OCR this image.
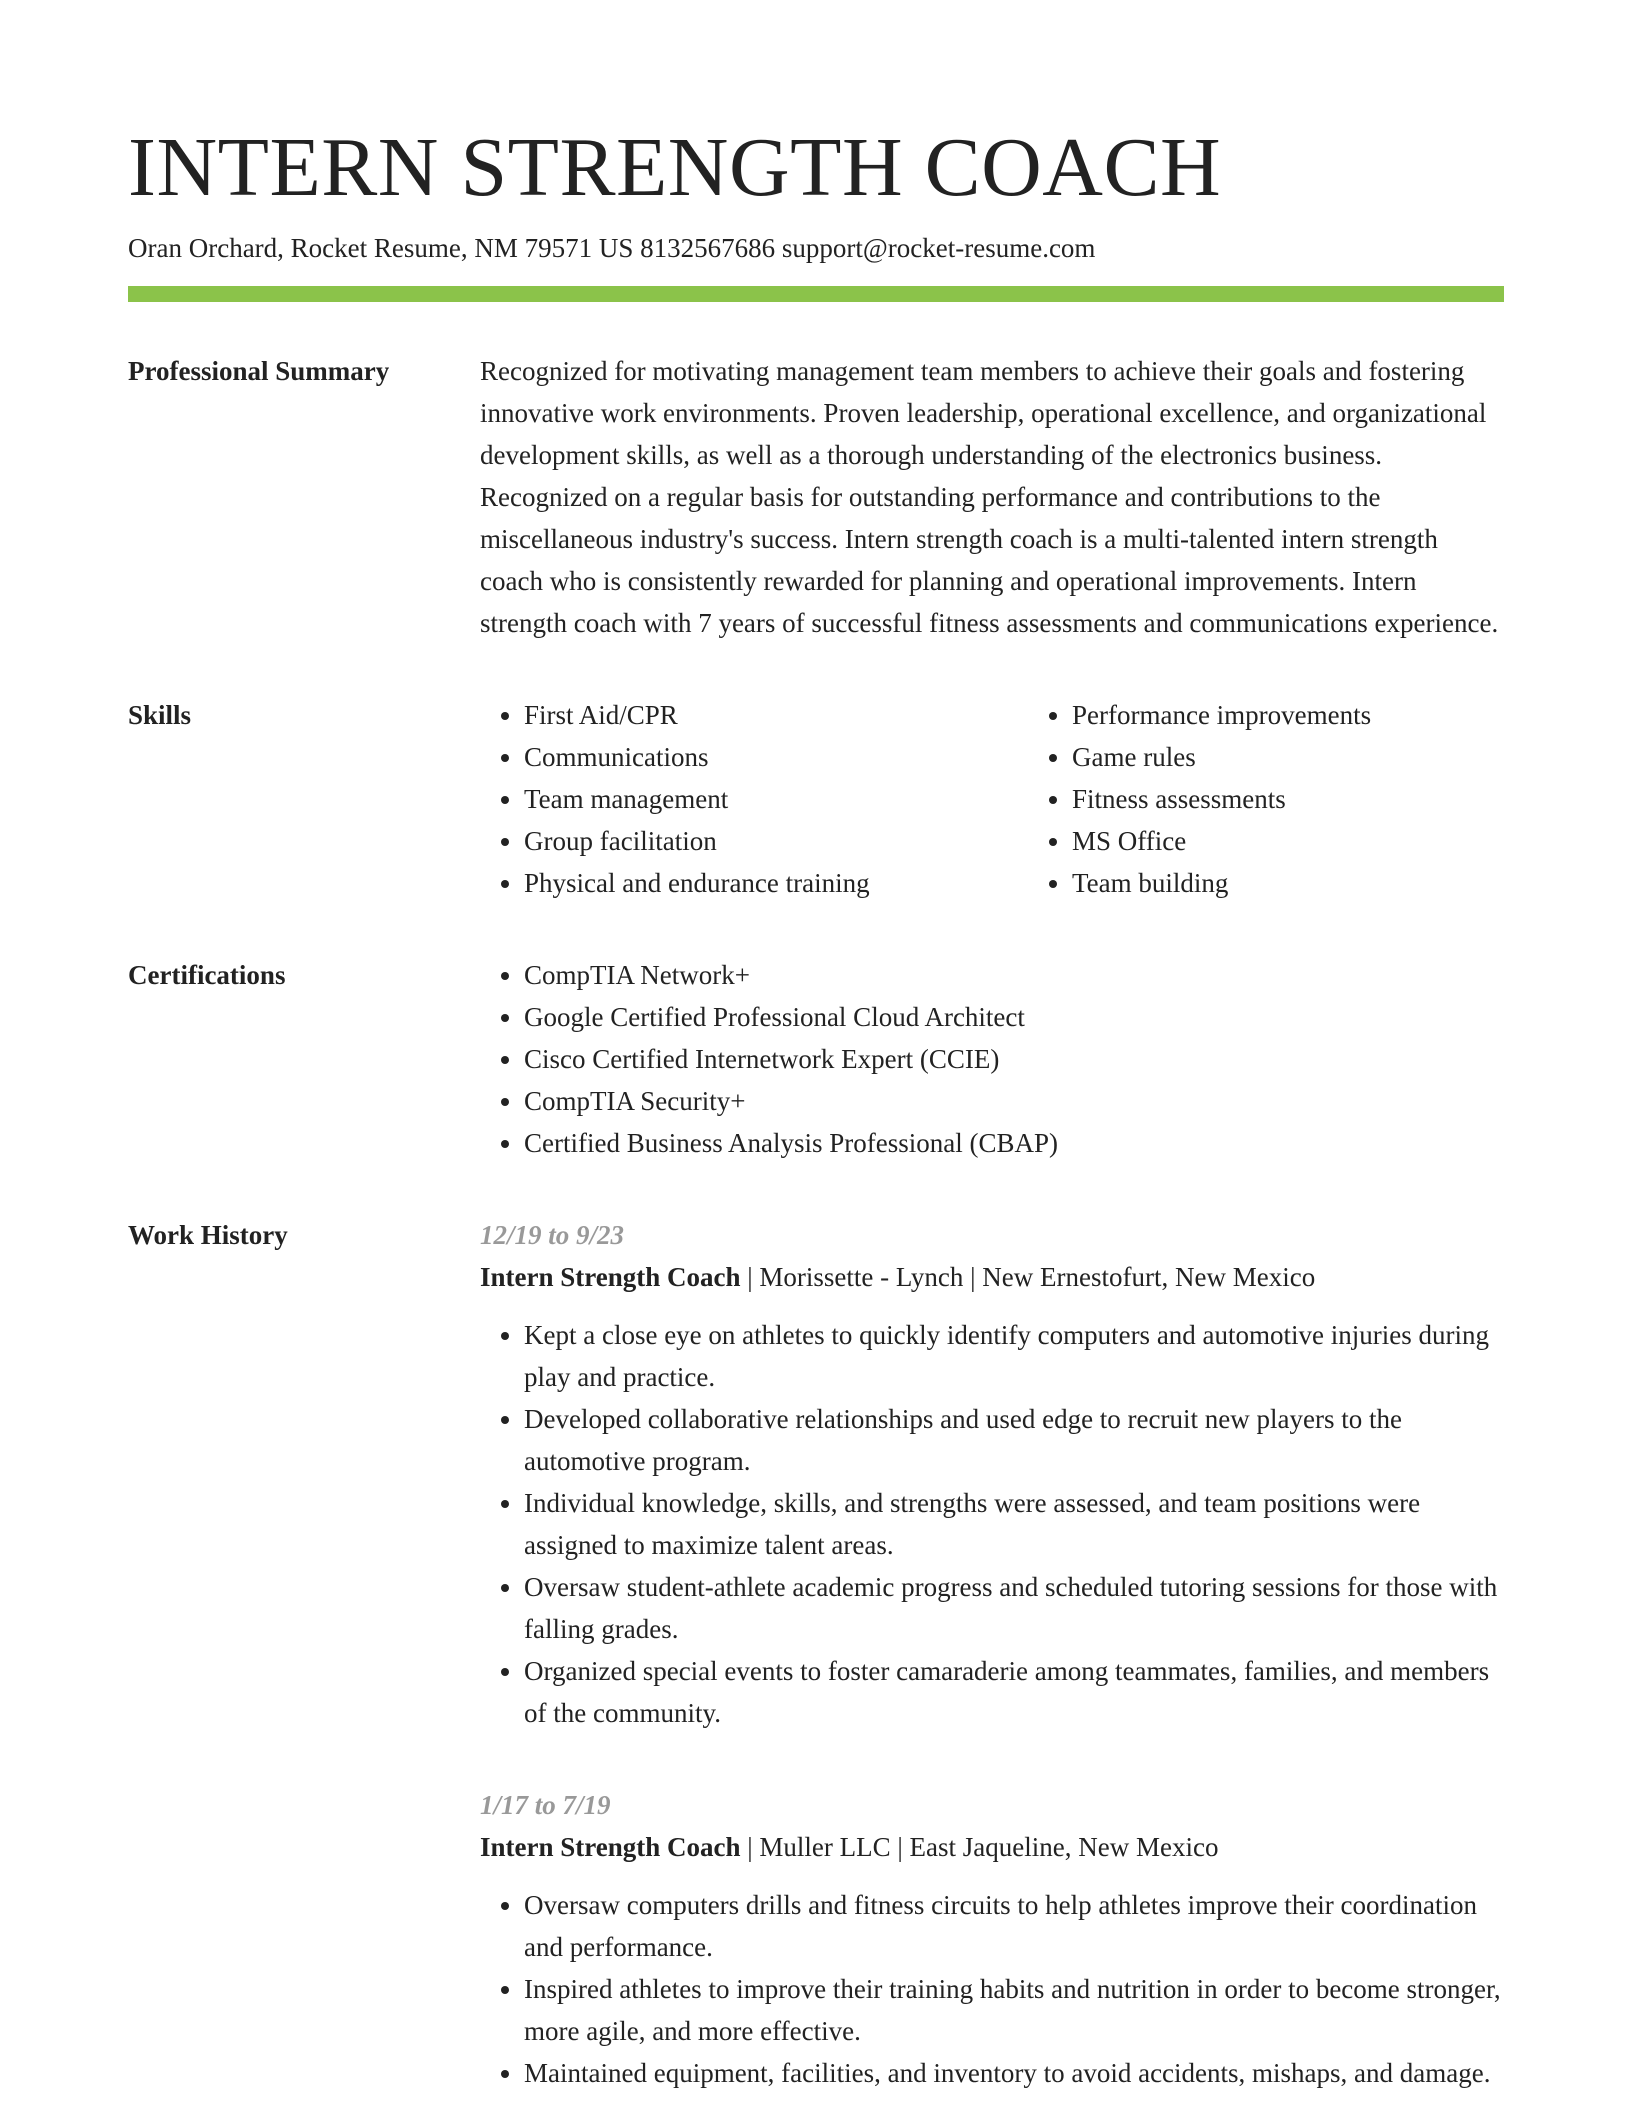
INTERN STRENGTH COACH
Oran Orchard, Rocket Resume, NM 79571 US 8132567686 support@rocket-resume.com
Professional Summary	Recognized for motivating management team members to achieve their goals and fostering innovative work environments. Proven leadership, operational excellence, and organizational development skills, as well as a thorough understanding of the electronics business. Recognized on a regular basis for outstanding performance and contributions to the miscellaneous industry's success. Intern strength coach is a multi-talented intern strength coach who is consistently rewarded for planning and operational improvements. Intern strength coach with 7 years of successful fitness assessments and communications experience.

Skills	• First Aid/CPR
• Communications
• Team management
• Group facilitation
• Physical and endurance training
• Performance improvements
• Game rules
• Fitness assessments
• MS Office
• Team building
Certifications	• CompTIA Network+
• Google Certified Professional Cloud Architect
• Cisco Certified Internetwork Expert (CCIE)
• CompTIA Security+
• Certified Business Analysis Professional (CBAP)
Work History	12/19 to 9/23
Intern Strength Coach | Morissette - Lynch | New Ernestofurt, New Mexico
• Kept a close eye on athletes to quickly identify computers and automotive injuries during play and practice.
• Developed collaborative relationships and used edge to recruit new players to the automotive program.
• Individual knowledge, skills, and strengths were assessed, and team positions were assigned to maximize talent areas.
• Oversaw student-athlete academic progress and scheduled tutoring sessions for those with falling grades.
• Organized special events to foster camaraderie among teammates, families, and members of the community.
1/17 to 7/19
Intern Strength Coach | Muller LLC | East Jaqueline, New Mexico
• Oversaw computers drills and fitness circuits to help athletes improve their coordination and performance.
• Inspired athletes to improve their training habits and nutrition in order to become stronger, more agile, and more effective.
• Maintained equipment, facilities, and inventory to avoid accidents, mishaps, and damage.
